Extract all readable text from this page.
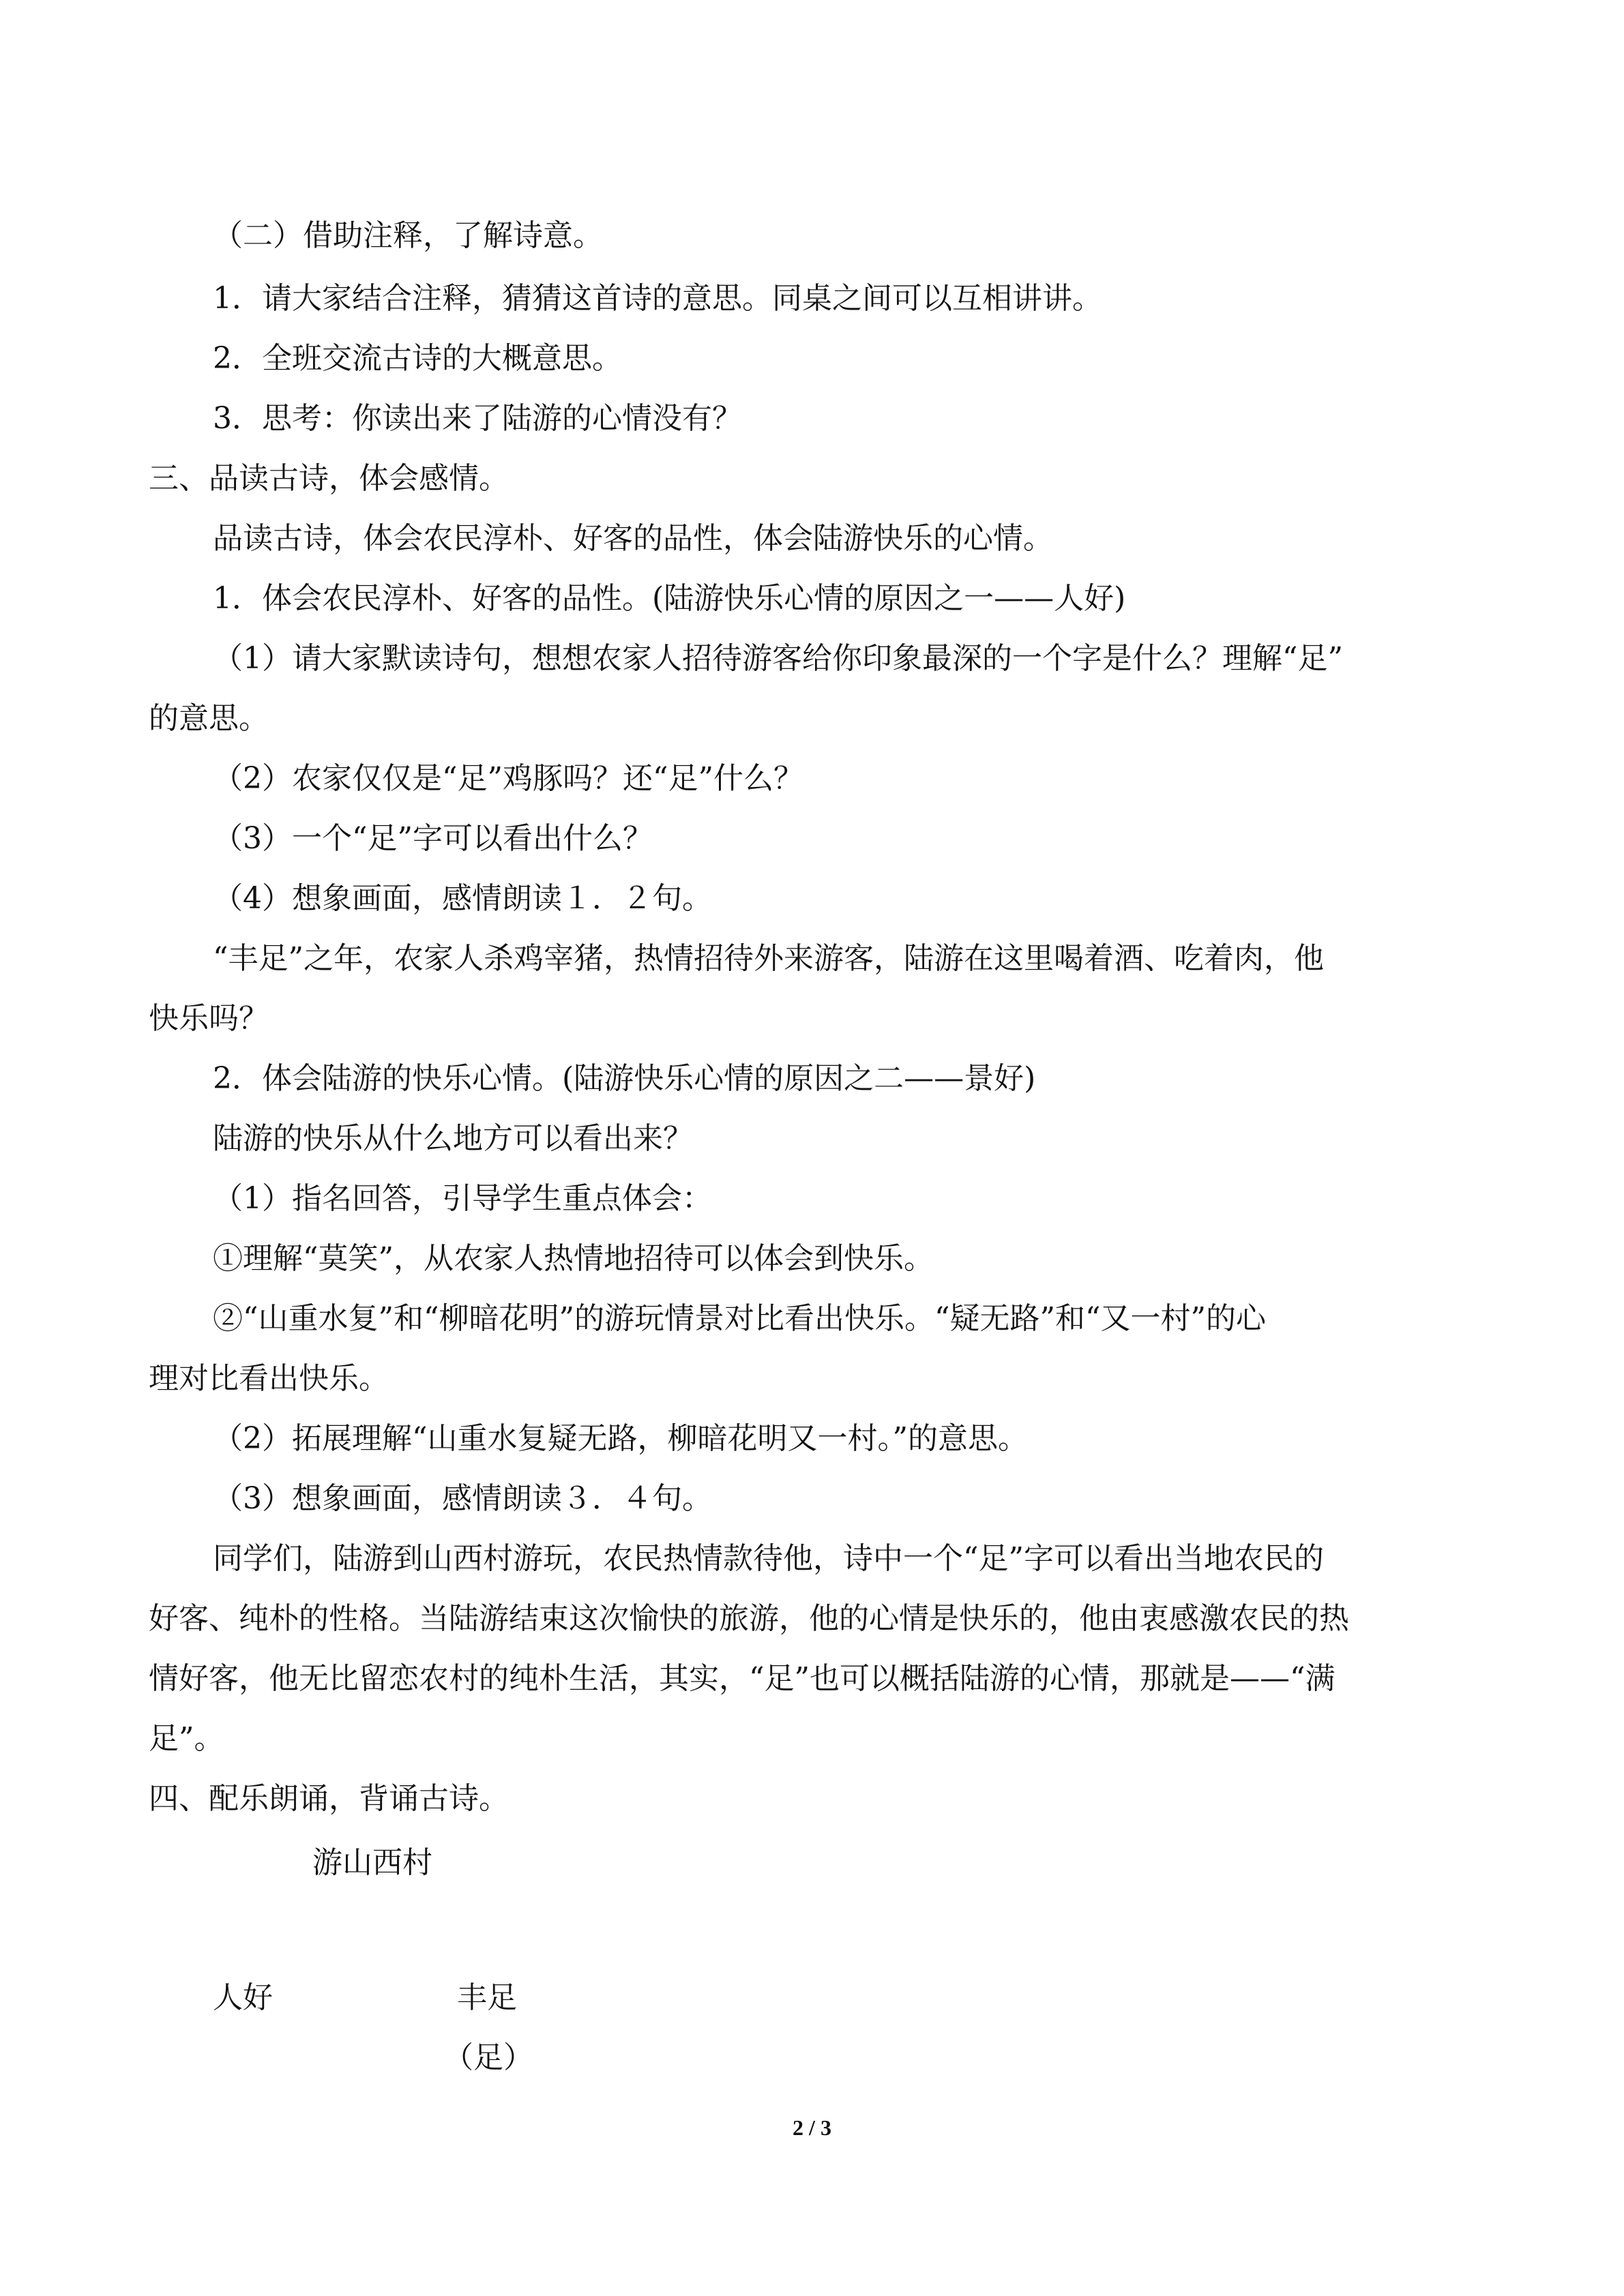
（二）借助注释，了解诗意。
1．请大家结合注释，猜猜这首诗的意思。同桌之间可以互相讲讲。
2．全班交流古诗的大概意思。
3．思考：你读出来了陆游的心情没有？
三、品读古诗，体会感情。
品读古诗，体会农民淳朴、好客的品性，体会陆游快乐的心情。
1．体会农民淳朴、好客的品性。(陆游快乐心情的原因之一——人好)
（1）请大家默读诗句，想想农家人招待游客给你印象最深的一个字是什么？理解“足”
的意思。
（2）农家仅仅是“足”鸡豚吗？还“足”什么？
（3）一个“足”字可以看出什么？
（4）想象画面，感情朗读１．２句。
“丰足”之年，农家人杀鸡宰猪，热情招待外来游客，陆游在这里喝着酒、吃着肉，他
快乐吗？
2．体会陆游的快乐心情。(陆游快乐心情的原因之二——景好)
陆游的快乐从什么地方可以看出来？
（1）指名回答，引导学生重点体会：
①理解“莫笑”，从农家人热情地招待可以体会到快乐。
②“山重水复”和“柳暗花明”的游玩情景对比看出快乐。“疑无路”和“又一村”的心
理对比看出快乐。
（2）拓展理解“山重水复疑无路，柳暗花明又一村。”的意思。
（3）想象画面，感情朗读３．４句。
同学们，陆游到山西村游玩，农民热情款待他，诗中一个“足”字可以看出当地农民的
好客、纯朴的性格。当陆游结束这次愉快的旅游，他的心情是快乐的，他由衷感激农民的热
情好客，他无比留恋农村的纯朴生活，其实，“足”也可以概括陆游的心情，那就是——“满
足”。
四、配乐朗诵，背诵古诗。
游山西村
人好	丰足
（足）
2 / 3
